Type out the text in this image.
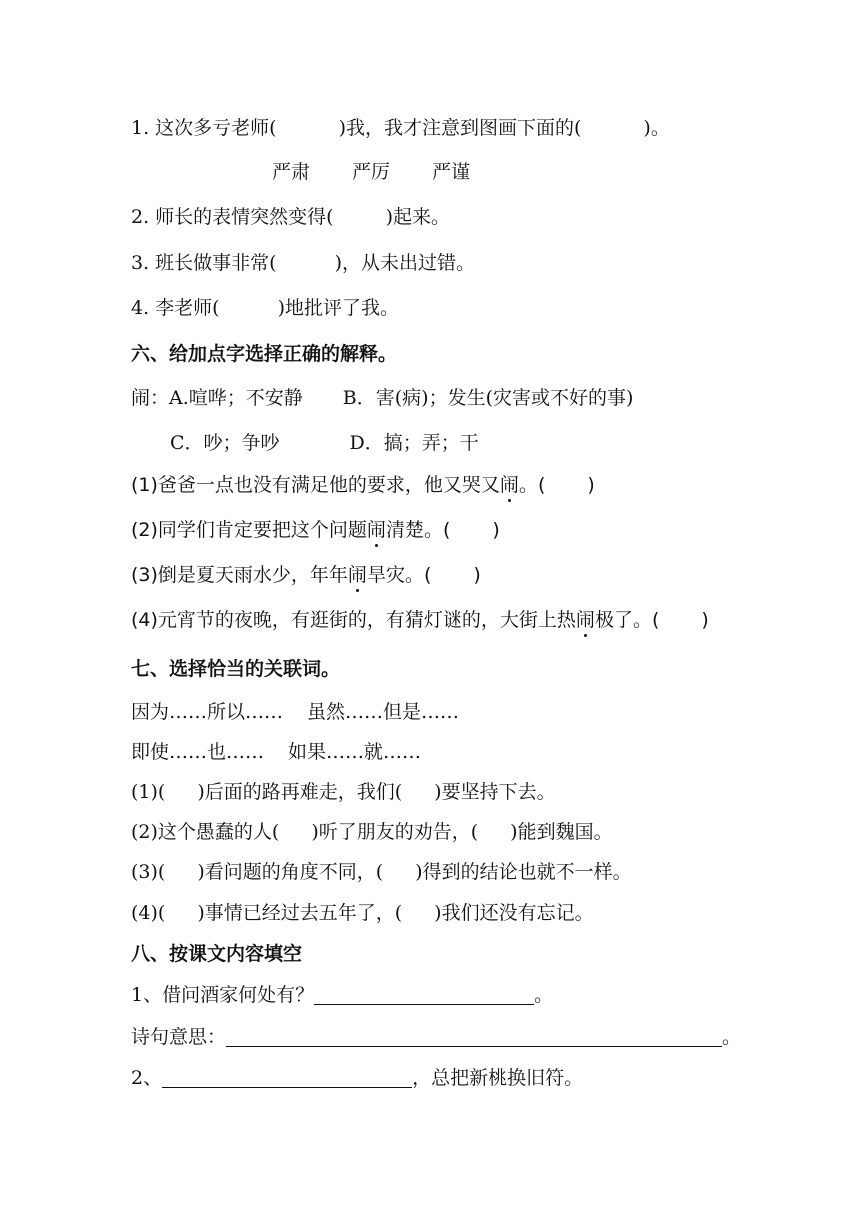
1. 这次多亏老师(	)我，我才注意到图画下面的(	)。
严肃 严厉 严谨
2. 师长的表情突然变得(	)起来。
3. 班长做事非常(	)，从未出过错。
4. 李老师(	)地批评了我。
六、给加点字选择正确的解释。
闹：A.喧哗；不安静 B．害(病)；发生(灾害或不好的事)
C．吵；争吵	D．搞；弄；干
(1)爸爸一点也没有满足他的要求，他又哭又闹。( )
(2)同学们肯定要把这个问题闹清楚。( )
(3)倒是夏天雨水少，年年闹旱灾。( )
(4)元宵节的夜晚，有逛街的，有猜灯谜的，大街上热闹极了。( )
七、选择恰当的关联词。
因为……所以…… 虽然……但是……
即使……也…… 如果……就……
(1)( )后面的路再难走，我们( )要坚持下去。
(2)这个愚蠢的人( )听了朋友的劝告，( )能到魏国。
(3)( )看问题的角度不同，( )得到的结论也就不一样。
(4)( )事情已经过去五年了，( )我们还没有忘记。
八、按课文内容填空
1、借问酒家何处有？	。
诗句意思：	。
2、	，总把新桃换旧符。
